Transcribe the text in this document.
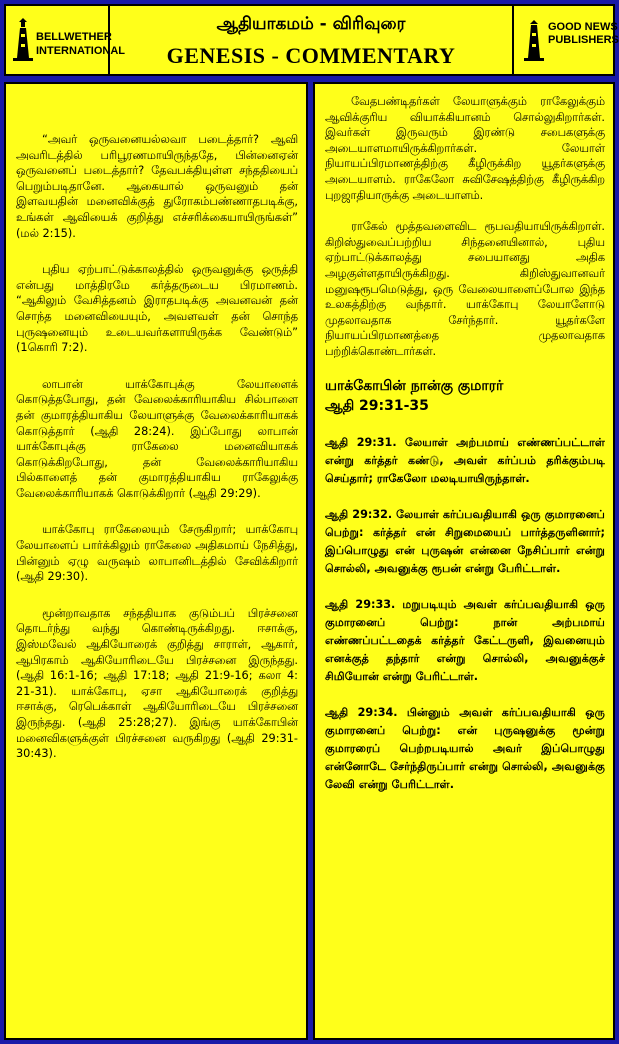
BELLWETHER
INTERNATIONAL
ஆதியாகமம் - விரிவுரை
GENESIS - COMMENTARY
GOOD NEWS
PUBLISHERS

“அவர் ஒருவனையல்லவா படைத்தார்? ஆவி அவரிடத்தில் பரிபூரணமாயிருந்ததே, பின்னைஏன் ஒருவனைப் படைத்தார்? தேவபக்தியுள்ள சந்ததியைப் பெறும்படிதானே. ஆகையால் ஒருவனும் தன் இளவயதின் மனைவிக்குத் துரோகம்பண்ணாதபடிக்கு, உங்கள் ஆவியைக் குறித்து எச்சரிக்கையாயிருங்கள்” (மல் 2:15).

புதிய ஏற்பாட்டுக்காலத்தில் ஒருவனுக்கு ஒருத்தி என்பது மாத்திரமே கர்த்தருடைய பிரமாணம். “ஆகிலும் வேசித்தனம் இராதபடிக்கு அவனவன் தன் சொந்த மனைவியையும், அவளவள் தன் சொந்த புருஷனையும் உடையவர்களாயிருக்க வேண்டும்” (1கொரி 7:2).

லாபான் யாக்கோபுக்கு லேயாளைக் கொடுத்தபோது, தன் வேலைக்காரியாகிய சில்பாளை தன் குமாரத்தியாகிய லேயாளுக்கு வேலைக்காரியாகக் கொடுத்தார் (ஆதி 28:24). இப்போது லாபான் யாக்கோபுக்கு ராகேலை மனைவியாகக் கொடுக்கிறபோது, தன் வேலைக்காரியாகிய பில்காளைத் தன் குமாரத்தியாகிய ராகேலுக்கு வேலைக்காரியாகக் கொடுக்கிறார் (ஆதி 29:29).

யாக்கோபு ராகேலையும் சேருகிறார்; யாக்கோபு லேயாளைப் பார்க்கிலும் ராகேலை அதிகமாய் நேசித்து, பின்னும் ஏழு வருஷம் லாபானிடத்தில் சேவிக்கிறார் (ஆதி 29:30).

மூன்றாவதாக சந்ததியாக குடும்பப் பிரச்சனை தொடர்ந்து வந்து கொண்டிருக்கிறது. ஈசாக்கு, இஸ்மவேல் ஆகியோரைக் குறித்து சாராள், ஆகார், ஆபிரகாம் ஆகியோரிடையே பிரச்சனை இருந்தது. (ஆதி 16:1-16; ஆதி 17:18; ஆதி 21:9-16; கலா 4: 21-31). யாக்கோபு, ஏசா ஆகியோரைக் குறித்து ஈசாக்கு, ரெபெக்காள் ஆகியோரிடையே பிரச்சனை இருந்தது. (ஆதி 25:28;27). இங்கு யாக்கோபின் மனைவிகளுக்குள் பிரச்சனை வருகிறது (ஆதி 29:31-30:43).

வேதபண்டிதர்கள் லேயாளுக்கும் ராகேலுக்கும் ஆவிக்குரிய வியாக்கியானம் சொல்லுகிறார்கள். இவர்கள் இருவரும் இரண்டு சபைகளுக்கு அடையாளமாயிருக்கிறார்கள். லேயாள் நியாயப்பிரமாணத்திற்கு கீழிருக்கிற யூதர்களுக்கு அடையாளம். ராகேலோ சுவிசேஷத்திற்கு கீழிருக்கிற புறஜாதியாருக்கு அடையாளம்.

ராகேல் மூத்தவளைவிட ரூபவதியாயிருக்கிறாள். கிறிஸ்துவைப்பற்றிய சிந்தனையினால், புதிய ஏற்பாட்டுக்காலத்து சபையானது அதிக அழகுள்ளதாயிருக்கிறது. கிறிஸ்துவானவர் மனுஷரூபமெடுத்து, ஒரு வேலையாளைப்போல இந்த உலகத்திற்கு வந்தார். யாக்கோபு லேயாளோடு முதலாவதாக சேர்ந்தார். யூதர்களே நியாயப்பிரமாணத்தை முதலாவதாக பற்றிக்கொண்டார்கள்.

யாக்கோபின் நான்கு குமாரர்
ஆதி 29:31-35

ஆதி 29:31. லேயாள் அற்பமாய் எண்ணப்பட்டாள் என்று கர்த்தர் கண்டு, அவள் கர்ப்பம் தரிக்கும்படி செய்தார்; ராகேலோ மலடியாயிருந்தாள்.

ஆதி 29:32. லேயாள் கர்ப்பவதியாகி ஒரு குமாரனைப் பெற்று: கர்த்தர் என் சிறுமையைப் பார்த்தருளினார்; இப்பொழுது என் புருஷன் என்னை நேசிப்பார் என்று சொல்லி, அவனுக்கு ரூபன் என்று பேரிட்டாள்.

ஆதி 29:33. மறுபடியும் அவள் கர்ப்பவதியாகி ஒரு குமாரனைப் பெற்று: நான் அற்பமாய் எண்ணப்பட்டதைக் கர்த்தர் கேட்டருளி, இவனையும் எனக்குத் தந்தார் என்று சொல்லி, அவனுக்குச் சிமியோன் என்று பேரிட்டாள்.

ஆதி 29:34. பின்னும் அவள் கர்ப்பவதியாகி ஒரு குமாரனைப் பெற்று: என் புருஷனுக்கு மூன்று குமாரரைப் பெற்றபடியால் அவர் இப்பொழுது என்னோடே சேர்ந்திருப்பார் என்று சொல்லி, அவனுக்கு லேவி என்று பேரிட்டாள்.
